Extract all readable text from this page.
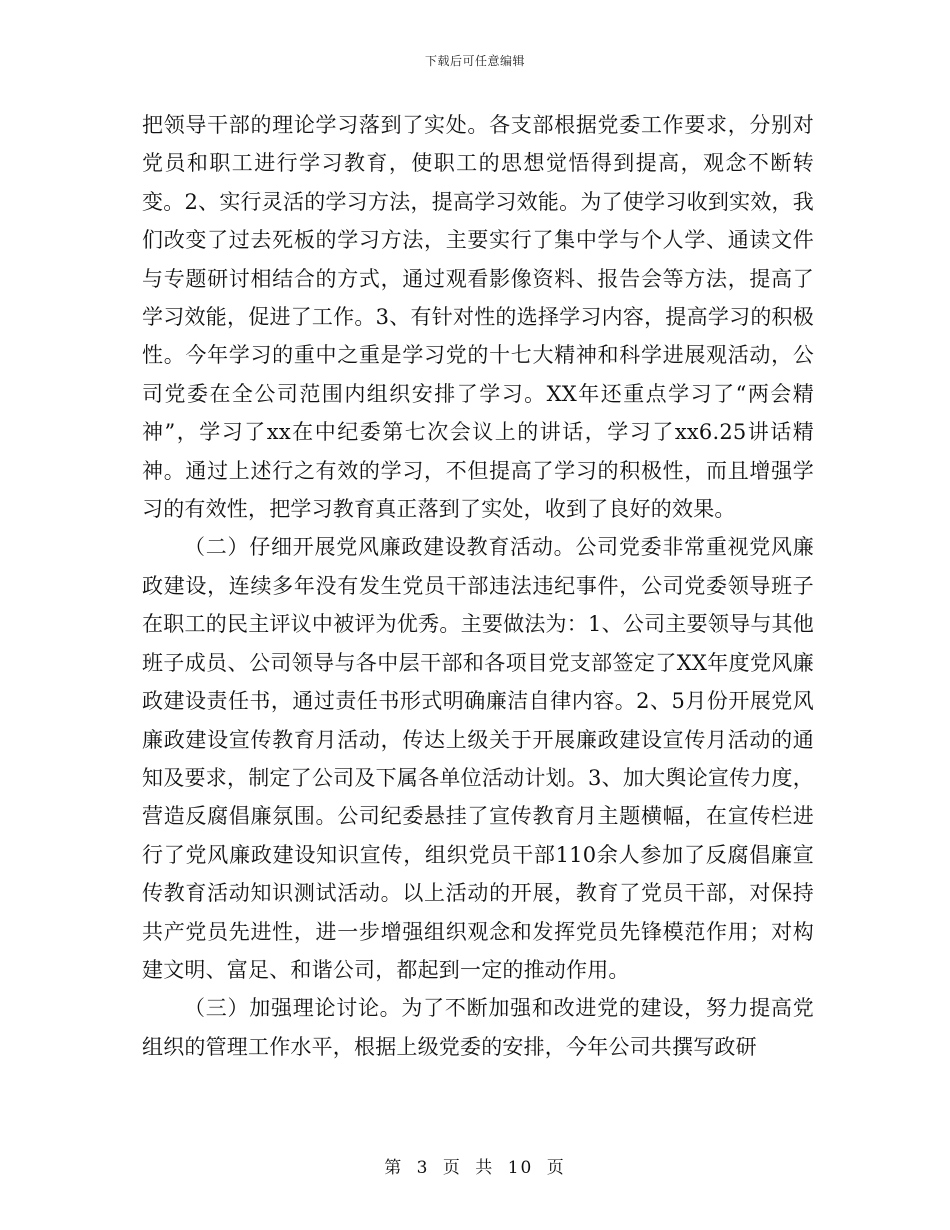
下载后可任意编辑

把领导干部的理论学习落到了实处。各支部根据党委工作要求，分别对党员和职工进行学习教育，使职工的思想觉悟得到提高，观念不断转变。2、实行灵活的学习方法，提高学习效能。为了使学习收到实效，我们改变了过去死板的学习方法，主要实行了集中学与个人学、通读文件与专题研讨相结合的方式，通过观看影像资料、报告会等方法，提高了学习效能，促进了工作。3、有针对性的选择学习内容，提高学习的积极性。今年学习的重中之重是学习党的十七大精神和科学进展观活动，公司党委在全公司范围内组织安排了学习。XX年还重点学习了“两会精神”，学习了xx在中纪委第七次会议上的讲话，学习了xx6.25讲话精神。通过上述行之有效的学习，不但提高了学习的积极性，而且增强学习的有效性，把学习教育真正落到了实处，收到了良好的效果。

（二）仔细开展党风廉政建设教育活动。公司党委非常重视党风廉政建设，连续多年没有发生党员干部违法违纪事件，公司党委领导班子在职工的民主评议中被评为优秀。主要做法为：1、公司主要领导与其他班子成员、公司领导与各中层干部和各项目党支部签定了XX年度党风廉政建设责任书，通过责任书形式明确廉洁自律内容。2、5月份开展党风廉政建设宣传教育月活动，传达上级关于开展廉政建设宣传月活动的通知及要求，制定了公司及下属各单位活动计划。3、加大舆论宣传力度，营造反腐倡廉氛围。公司纪委悬挂了宣传教育月主题横幅，在宣传栏进行了党风廉政建设知识宣传，组织党员干部110余人参加了反腐倡廉宣传教育活动知识测试活动。以上活动的开展，教育了党员干部，对保持共产党员先进性，进一步增强组织观念和发挥党员先锋模范作用；对构建文明、富足、和谐公司，都起到一定的推动作用。

（三）加强理论讨论。为了不断加强和改进党的建设，努力提高党组织的管理工作水平，根据上级党委的安排，今年公司共撰写政研

第 3 页 共 10 页
